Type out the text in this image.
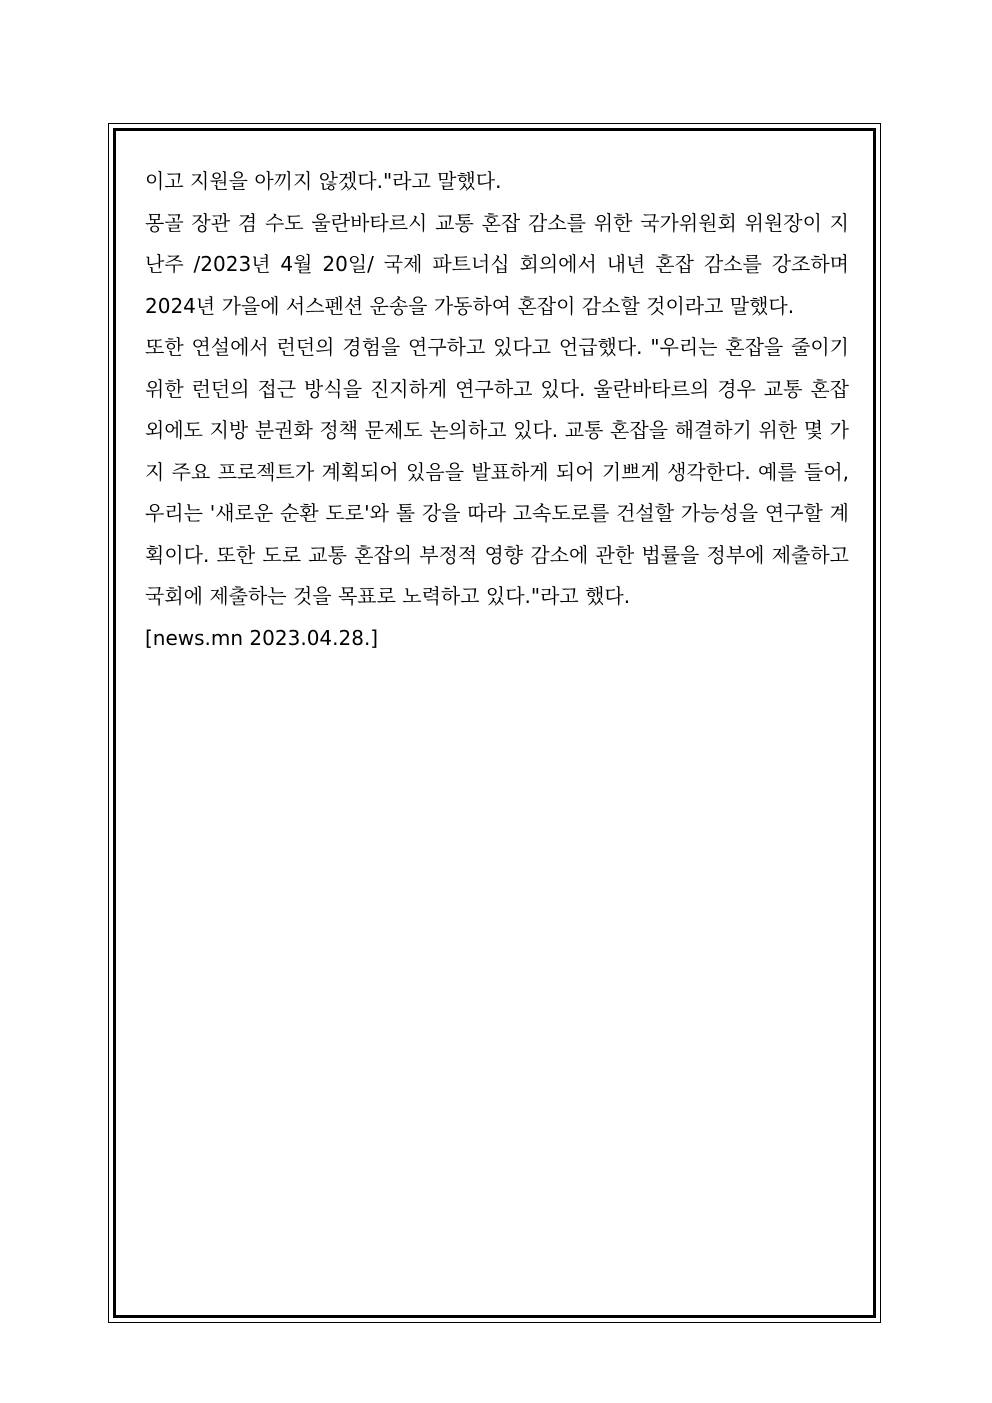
이고 지원을 아끼지 않겠다."라고 말했다.

몽골 장관 겸 수도 울란바타르시 교통 혼잡 감소를 위한 국가위원회 위원장이 지난주 /2023년 4월 20일/ 국제 파트너십 회의에서 내년 혼잡 감소를 강조하며 2024년 가을에 서스펜션 운송을 가동하여 혼잡이 감소할 것이라고 말했다.

또한 연설에서 런던의 경험을 연구하고 있다고 언급했다. "우리는 혼잡을 줄이기 위한 런던의 접근 방식을 진지하게 연구하고 있다. 울란바타르의 경우 교통 혼잡 외에도 지방 분권화 정책 문제도 논의하고 있다. 교통 혼잡을 해결하기 위한 몇 가지 주요 프로젝트가 계획되어 있음을 발표하게 되어 기쁘게 생각한다. 예를 들어, 우리는 '새로운 순환 도로'와 톨 강을 따라 고속도로를 건설할 가능성을 연구할 계획이다. 또한 도로 교통 혼잡의 부정적 영향 감소에 관한 법률을 정부에 제출하고 국회에 제출하는 것을 목표로 노력하고 있다."라고 했다.

[news.mn 2023.04.28.]
